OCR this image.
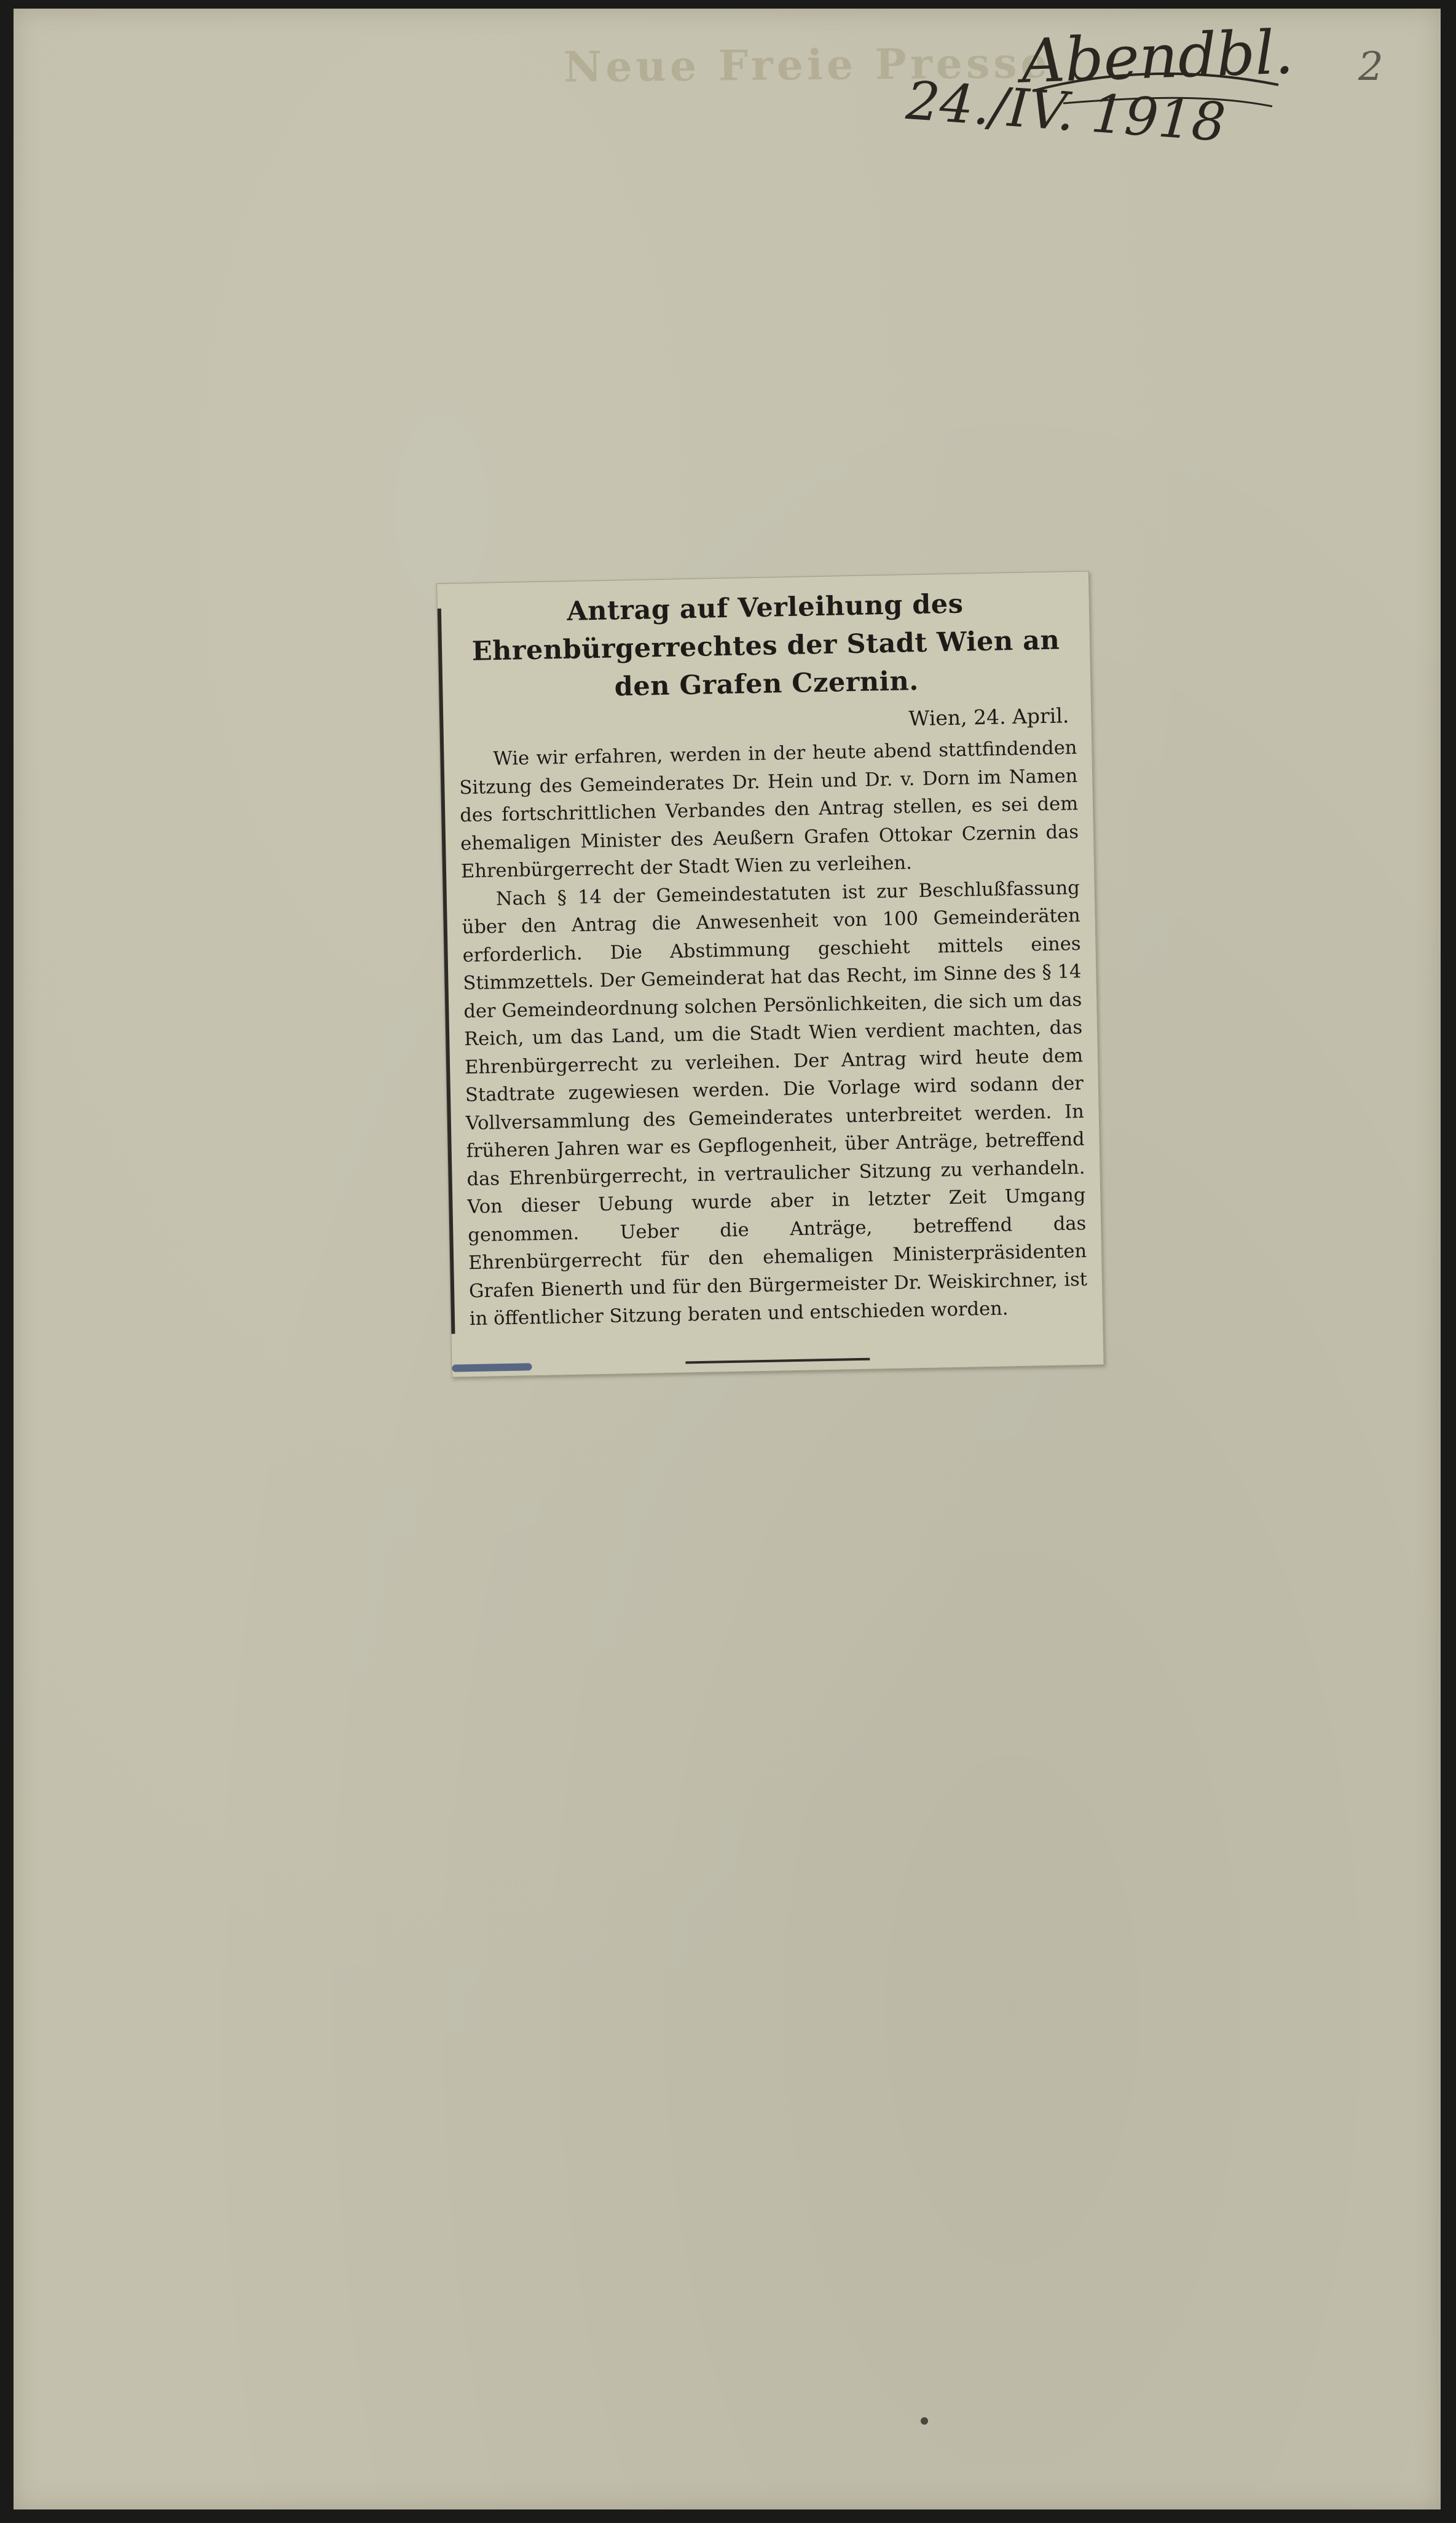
Neue Freie Presse
Abendbl.
24./IV. 1918
2
Antrag auf Verleihung des Ehrenbürgerrechtes der Stadt Wien an den Grafen Czernin.
Wien, 24. April.

Wie wir erfahren, werden in der heute abend stattfindenden Sitzung des Gemeinderates Dr. Hein und Dr. v. Dorn im Namen des fortschrittlichen Verbandes den Antrag stellen, es sei dem ehemaligen Minister des Aeußern Grafen Ottokar Czernin das Ehrenbürgerrecht der Stadt Wien zu verleihen.

Nach § 14 der Gemeindestatuten ist zur Beschlußfassung über den Antrag die Anwesenheit von 100 Gemeinderäten erforderlich. Die Abstimmung geschieht mittels eines Stimmzettels. Der Gemeinderat hat das Recht, im Sinne des § 14 der Gemeindeordnung solchen Persönlichkeiten, die sich um das Reich, um das Land, um die Stadt Wien verdient machten, das Ehrenbürgerrecht zu verleihen. Der Antrag wird heute dem Stadtrate zugewiesen werden. Die Vorlage wird sodann der Vollversammlung des Gemeinderates unterbreitet werden. In früheren Jahren war es Gepflogenheit, über Anträge, betreffend das Ehrenbürgerrecht, in vertraulicher Sitzung zu verhandeln. Von dieser Uebung wurde aber in letzter Zeit Umgang genommen. Ueber die Anträge, betreffend das Ehrenbürgerrecht für den ehemaligen Ministerpräsidenten Grafen Bienerth und für den Bürgermeister Dr. Weiskirchner, ist in öffentlicher Sitzung beraten und entschieden worden.
